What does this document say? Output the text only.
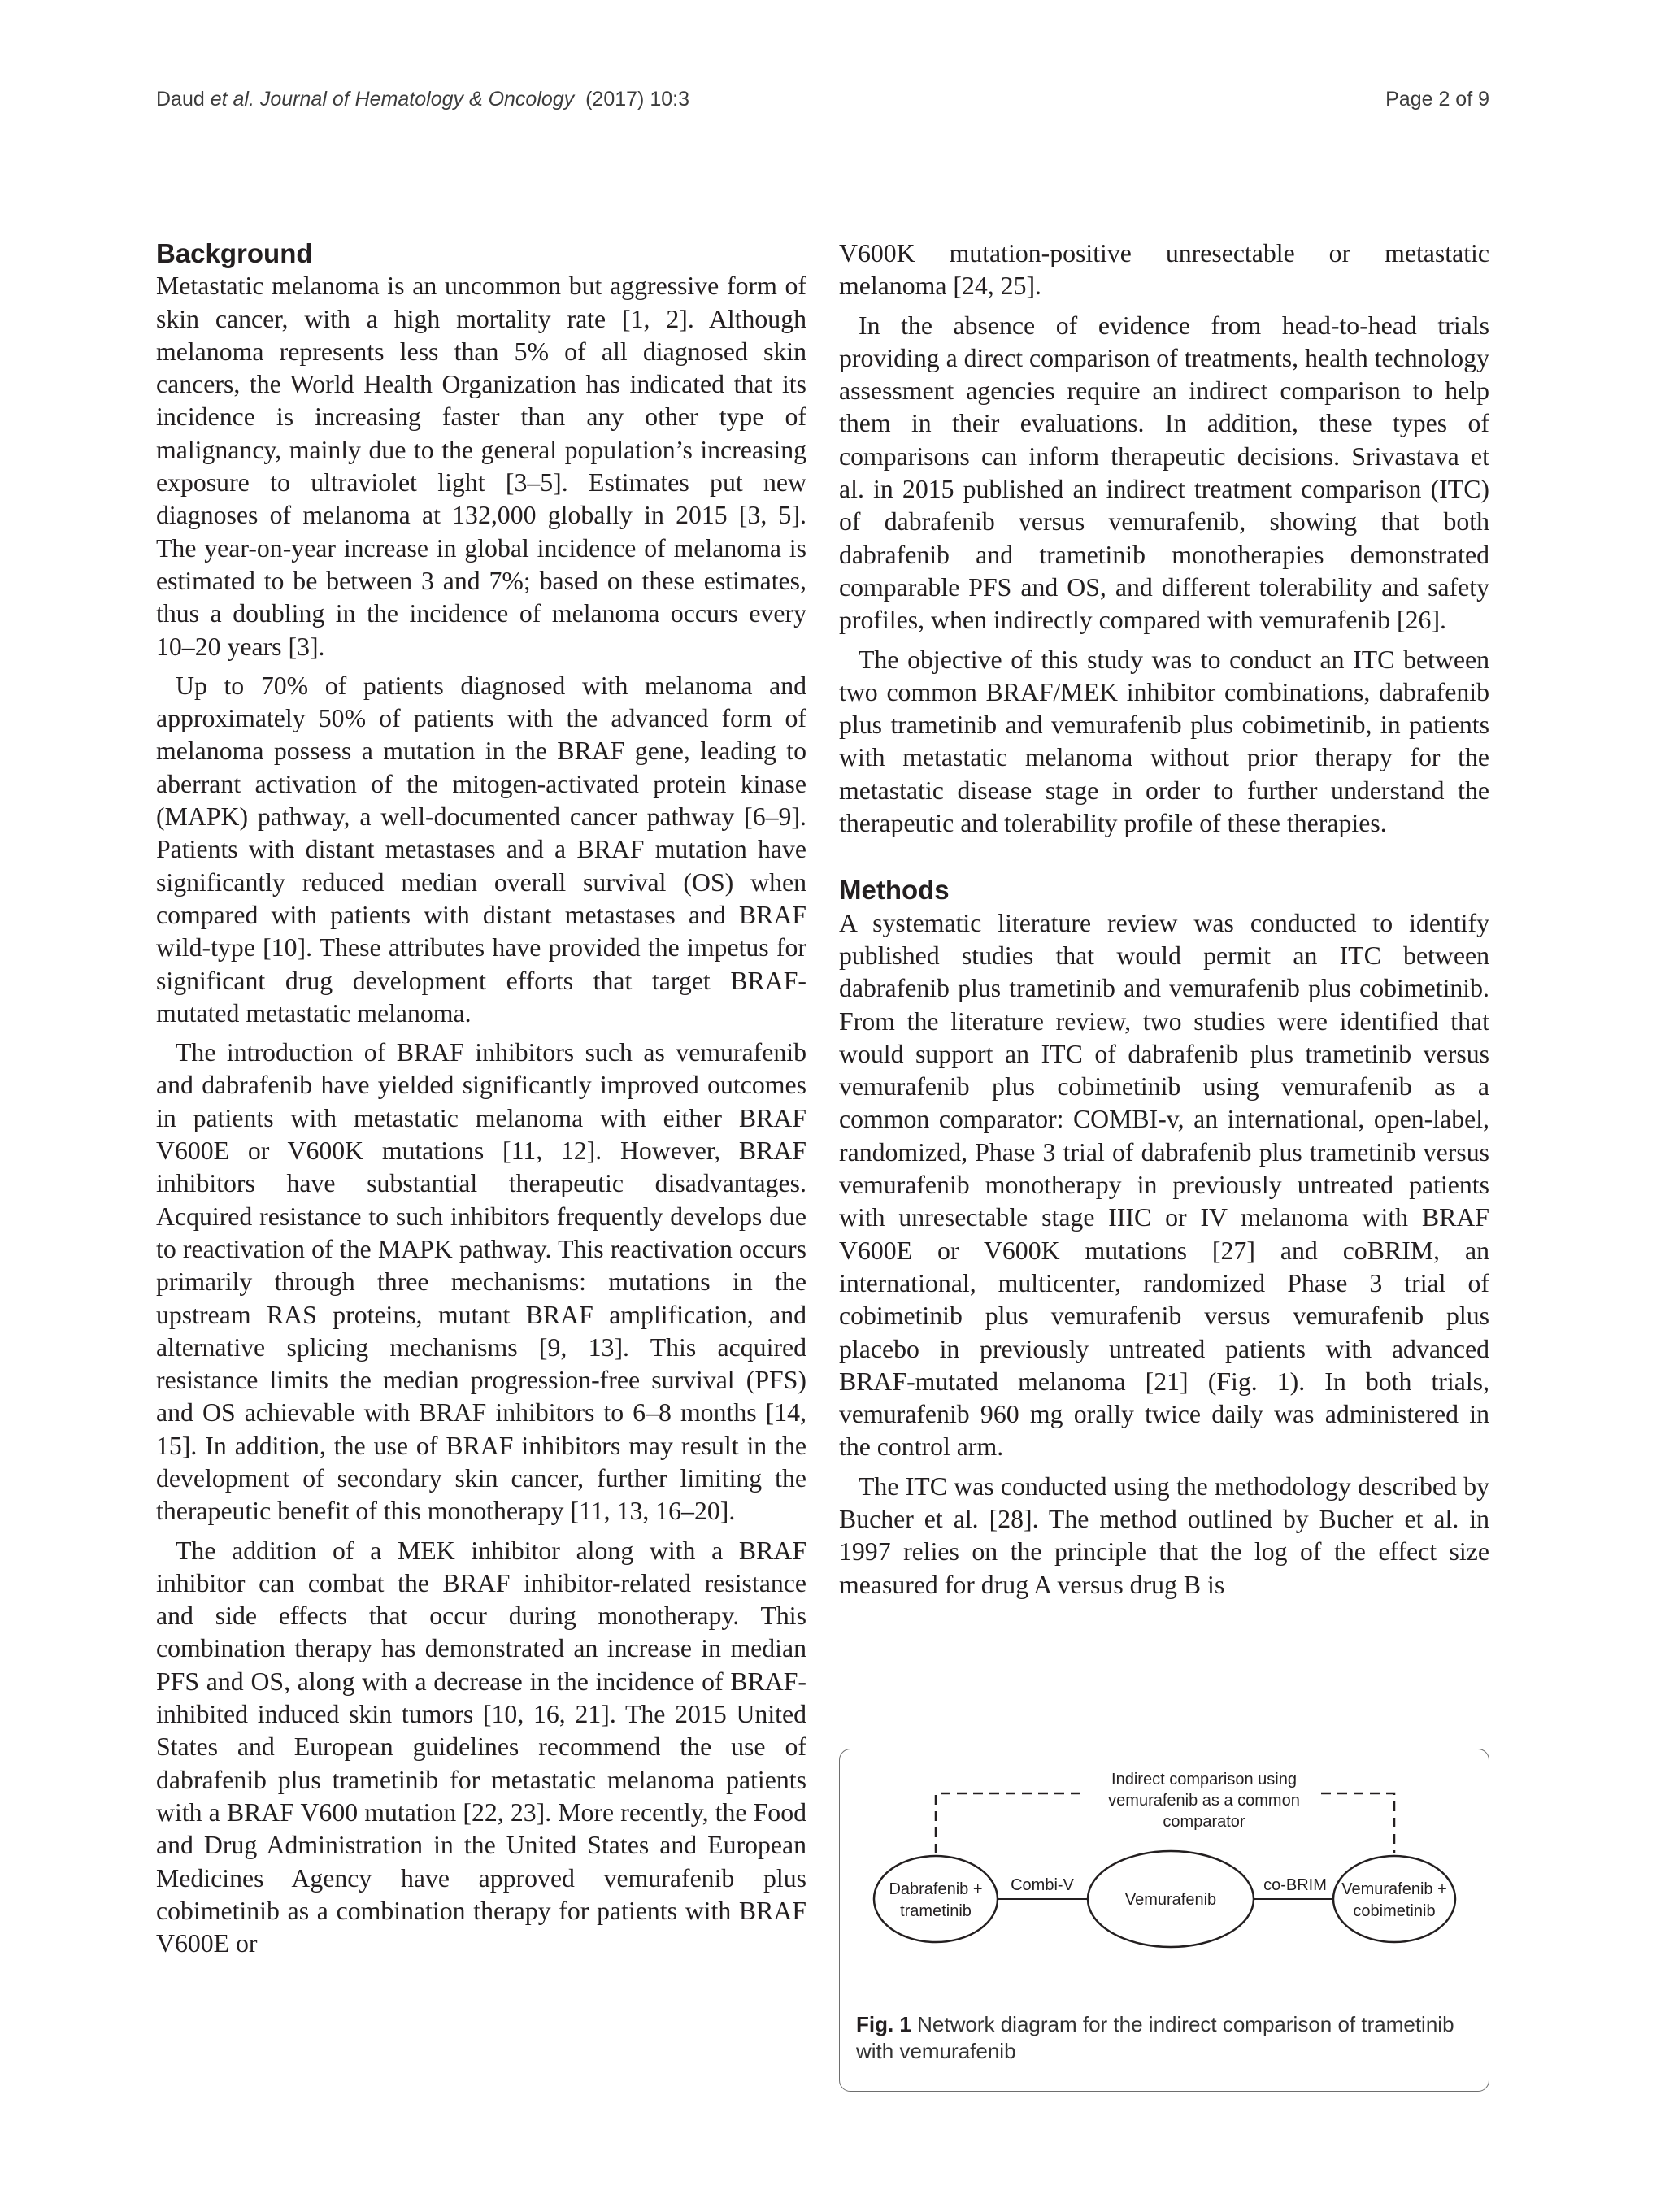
Daud et al. Journal of Hematology & Oncology (2017) 10:3	Page 2 of 9
Background

Metastatic melanoma is an uncommon but aggressive form of skin cancer, with a high mortality rate [1, 2]. Although melanoma represents less than 5% of all diagnosed skin cancers, the World Health Organization has indicated that its incidence is increasing faster than any other type of malignancy, mainly due to the general population’s increasing exposure to ultraviolet light [3–5]. Estimates put new diagnoses of melanoma at 132,000 globally in 2015 [3, 5]. The year-on-year increase in global incidence of melanoma is estimated to be between 3 and 7%; based on these estimates, thus a doubling in the incidence of melanoma occurs every 10–20 years [3].

Up to 70% of patients diagnosed with melanoma and approximately 50% of patients with the advanced form of melanoma possess a mutation in the BRAF gene, leading to aberrant activation of the mitogen-activated protein kinase (MAPK) pathway, a well-documented cancer pathway [6–9]. Patients with distant metastases and a BRAF mutation have significantly reduced median overall survival (OS) when compared with patients with distant metastases and BRAF wild-type [10]. These attributes have provided the impetus for significant drug development efforts that target BRAF-mutated metastatic melanoma.

The introduction of BRAF inhibitors such as vemurafenib and dabrafenib have yielded significantly improved outcomes in patients with metastatic melanoma with either BRAF V600E or V600K mutations [11, 12]. However, BRAF inhibitors have substantial therapeutic disadvantages. Acquired resistance to such inhibitors frequently develops due to reactivation of the MAPK pathway. This reactivation occurs primarily through three mechanisms: mutations in the upstream RAS proteins, mutant BRAF amplification, and alternative splicing mechanisms [9, 13]. This acquired resistance limits the median progression-free survival (PFS) and OS achievable with BRAF inhibitors to 6–8 months [14, 15]. In addition, the use of BRAF inhibitors may result in the development of secondary skin cancer, further limiting the therapeutic benefit of this monotherapy [11, 13, 16–20].

The addition of a MEK inhibitor along with a BRAF inhibitor can combat the BRAF inhibitor-related resistance and side effects that occur during monotherapy. This combination therapy has demonstrated an increase in median PFS and OS, along with a decrease in the incidence of BRAF-inhibited induced skin tumors [10, 16, 21]. The 2015 United States and European guidelines recommend the use of dabrafenib plus trametinib for metastatic melanoma patients with a BRAF V600 mutation [22, 23]. More recently, the Food and Drug Administration in the United States and European Medicines Agency have approved vemurafenib plus cobimetinib as a combination therapy for patients with BRAF V600E or

V600K mutation-positive unresectable or metastatic melanoma [24, 25].

In the absence of evidence from head-to-head trials providing a direct comparison of treatments, health technology assessment agencies require an indirect comparison to help them in their evaluations. In addition, these types of comparisons can inform therapeutic decisions. Srivastava et al. in 2015 published an indirect treatment comparison (ITC) of dabrafenib versus vemurafenib, showing that both dabrafenib and trametinib monotherapies demonstrated comparable PFS and OS, and different tolerability and safety profiles, when indirectly compared with vemurafenib [26].

The objective of this study was to conduct an ITC between two common BRAF/MEK inhibitor combinations, dabrafenib plus trametinib and vemurafenib plus cobimetinib, in patients with metastatic melanoma without prior therapy for the metastatic disease stage in order to further understand the therapeutic and tolerability profile of these therapies.

Methods

A systematic literature review was conducted to identify published studies that would permit an ITC between dabrafenib plus trametinib and vemurafenib plus cobimetinib. From the literature review, two studies were identified that would support an ITC of dabrafenib plus trametinib versus vemurafenib plus cobimetinib using vemurafenib as a common comparator: COMBI-v, an international, open-label, randomized, Phase 3 trial of dabrafenib plus trametinib versus vemurafenib monotherapy in previously untreated patients with unresectable stage IIIC or IV melanoma with BRAF V600E or V600K mutations [27] and coBRIM, an international, multicenter, randomized Phase 3 trial of cobimetinib plus vemurafenib versus vemurafenib plus placebo in previously untreated patients with advanced BRAF-mutated melanoma [21] (Fig. 1). In both trials, vemurafenib 960 mg orally twice daily was administered in the control arm.

The ITC was conducted using the methodology described by Bucher et al. [28]. The method outlined by Bucher et al. in 1997 relies on the principle that the log of the effect size measured for drug A versus drug B is

Indirect comparison using
vemurafenib as a common
comparator
Combi-V	co-BRIM
Dabrafenib +
trametinib
Vemurafenib
Vemurafenib +
cobimetinib
Fig. 1 Network diagram for the indirect comparison of trametinib with vemurafenib
